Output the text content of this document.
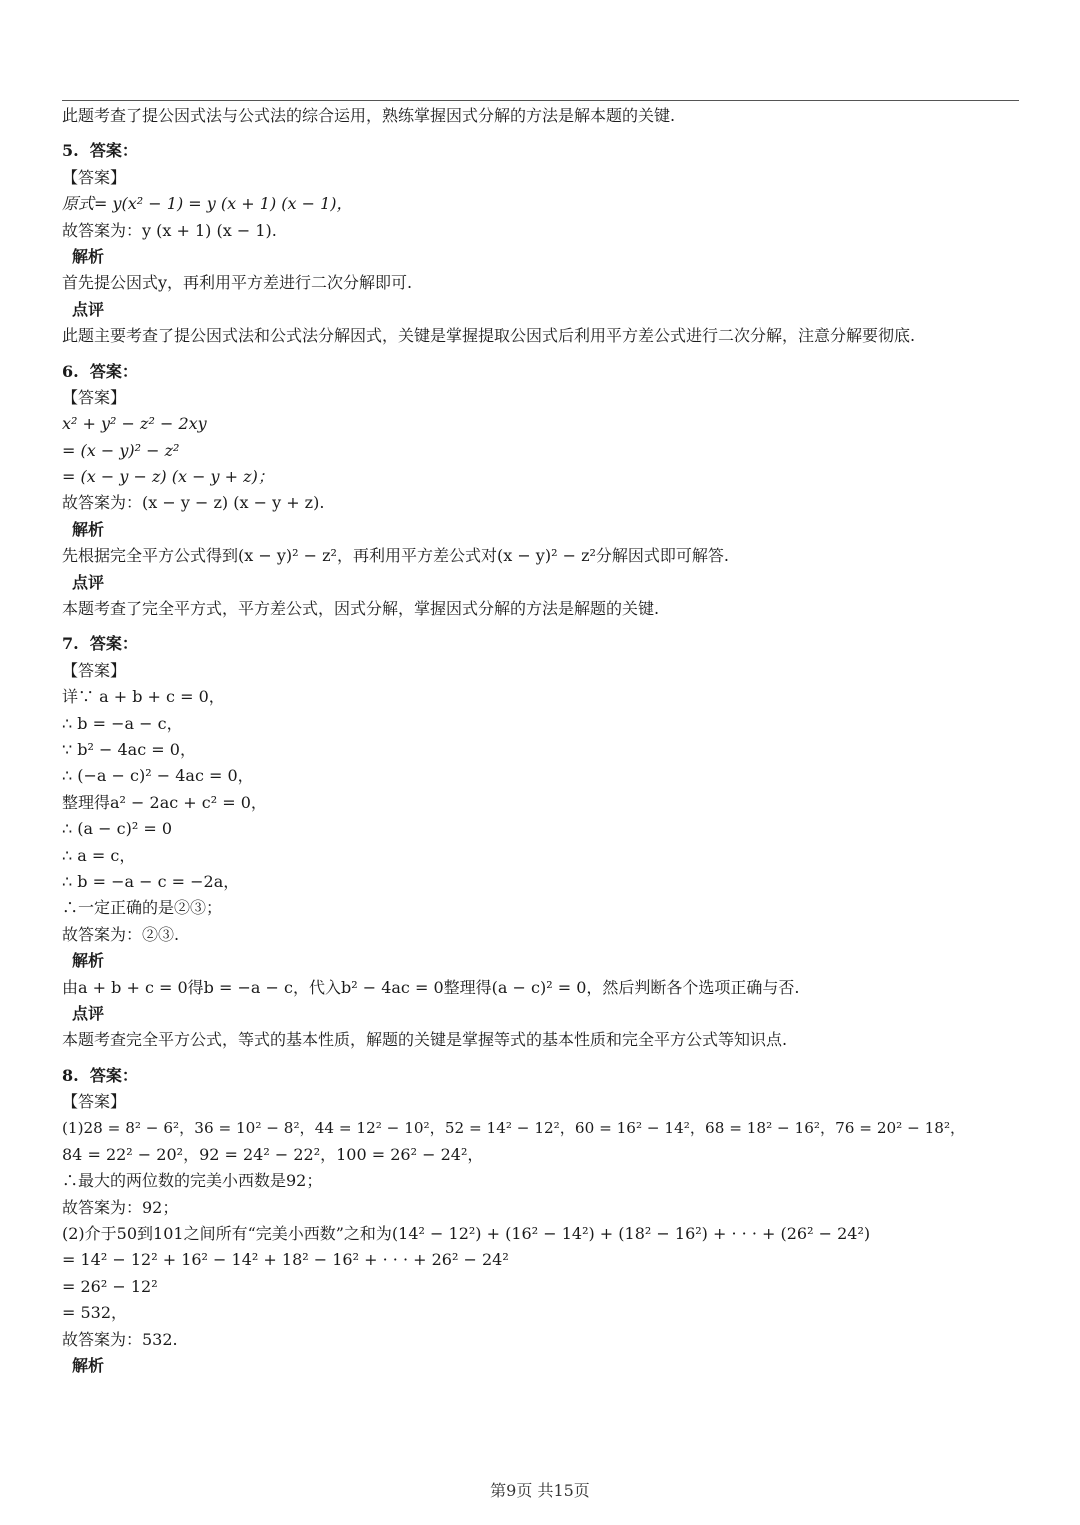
此题考查了提公因式法与公式法的综合运用，熟练掌握因式分解的方法是解本题的关键.
5.  答案：
【答案】
原式= y(x² − 1) = y (x + 1) (x − 1)，
故答案为：y (x + 1) (x − 1).
解析
首先提公因式y，再利用平方差进行二次分解即可.
点评
此题主要考查了提公因式法和公式法分解因式，关键是掌握提取公因式后利用平方差公式进行二次分解，注意分解要彻底.
6.  答案：
【答案】
x² + y² − z² − 2xy
= (x − y)² − z²
= (x − y − z) (x − y + z)；
故答案为：(x − y − z) (x − y + z).
解析
先根据完全平方公式得到(x − y)² − z²，再利用平方差公式对(x − y)² − z²分解因式即可解答.
点评
本题考查了完全平方式，平方差公式，因式分解，掌握因式分解的方法是解题的关键.
7.  答案：
【答案】
详∵ a + b + c = 0，
∴ b = −a − c，
∵ b² − 4ac = 0，
∴ (−a − c)² − 4ac = 0，
整理得a² − 2ac + c² = 0，
∴ (a − c)² = 0
∴ a = c，
∴ b = −a − c = −2a，
∴一定正确的是②③；
故答案为：②③.
解析
由a + b + c = 0得b = −a − c，代入b² − 4ac = 0整理得(a − c)² = 0，然后判断各个选项正确与否.
点评
本题考查完全平方公式，等式的基本性质，解题的关键是掌握等式的基本性质和完全平方公式等知识点.
8.  答案：
【答案】
(1)28 = 8² − 6²，36 = 10² − 8²，44 = 12² − 10²，52 = 14² − 12²，60 = 16² − 14²，68 = 18² − 16²，76 = 20² − 18²，
84 = 22² − 20²，92 = 24² − 22²，100 = 26² − 24²，
∴最大的两位数的完美小西数是92；
故答案为：92；
(2)介于50到101之间所有“完美小西数”之和为(14² − 12²) + (16² − 14²) + (18² − 16²) + · · · + (26² − 24²)
= 14² − 12² + 16² − 14² + 18² − 16² + · · · + 26² − 24²
= 26² − 12²
= 532，
故答案为：532.
解析
第9页 共15页
